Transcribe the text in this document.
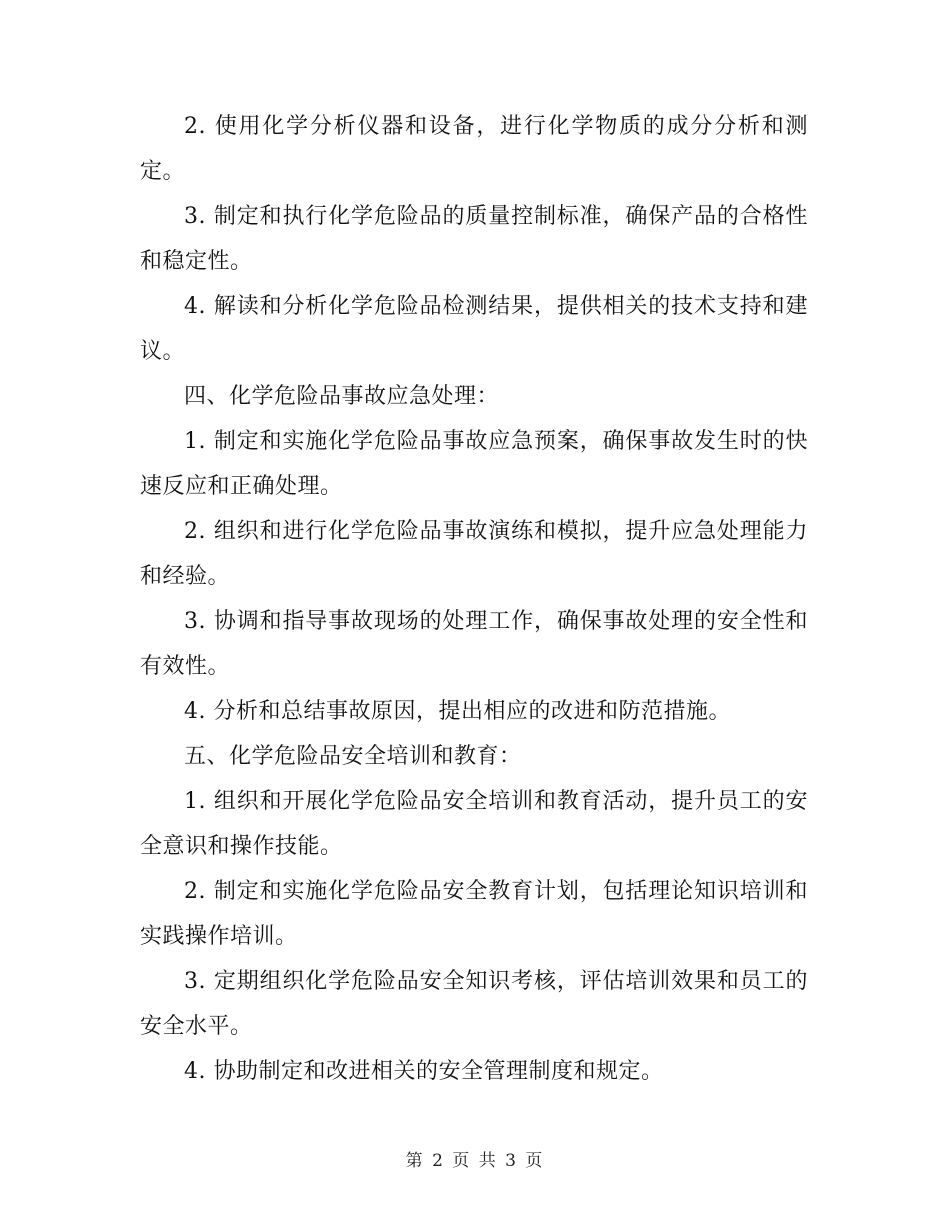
2. 使用化学分析仪器和设备，进行化学物质的成分分析和测定。

3. 制定和执行化学危险品的质量控制标准，确保产品的合格性和稳定性。

4. 解读和分析化学危险品检测结果，提供相关的技术支持和建议。

四、化学危险品事故应急处理：

1. 制定和实施化学危险品事故应急预案，确保事故发生时的快速反应和正确处理。

2. 组织和进行化学危险品事故演练和模拟，提升应急处理能力和经验。

3. 协调和指导事故现场的处理工作，确保事故处理的安全性和有效性。

4. 分析和总结事故原因，提出相应的改进和防范措施。

五、化学危险品安全培训和教育：

1. 组织和开展化学危险品安全培训和教育活动，提升员工的安全意识和操作技能。

2. 制定和实施化学危险品安全教育计划，包括理论知识培训和实践操作培训。

3. 定期组织化学危险品安全知识考核，评估培训效果和员工的安全水平。

4. 协助制定和改进相关的安全管理制度和规定。

第 2 页 共 3 页
